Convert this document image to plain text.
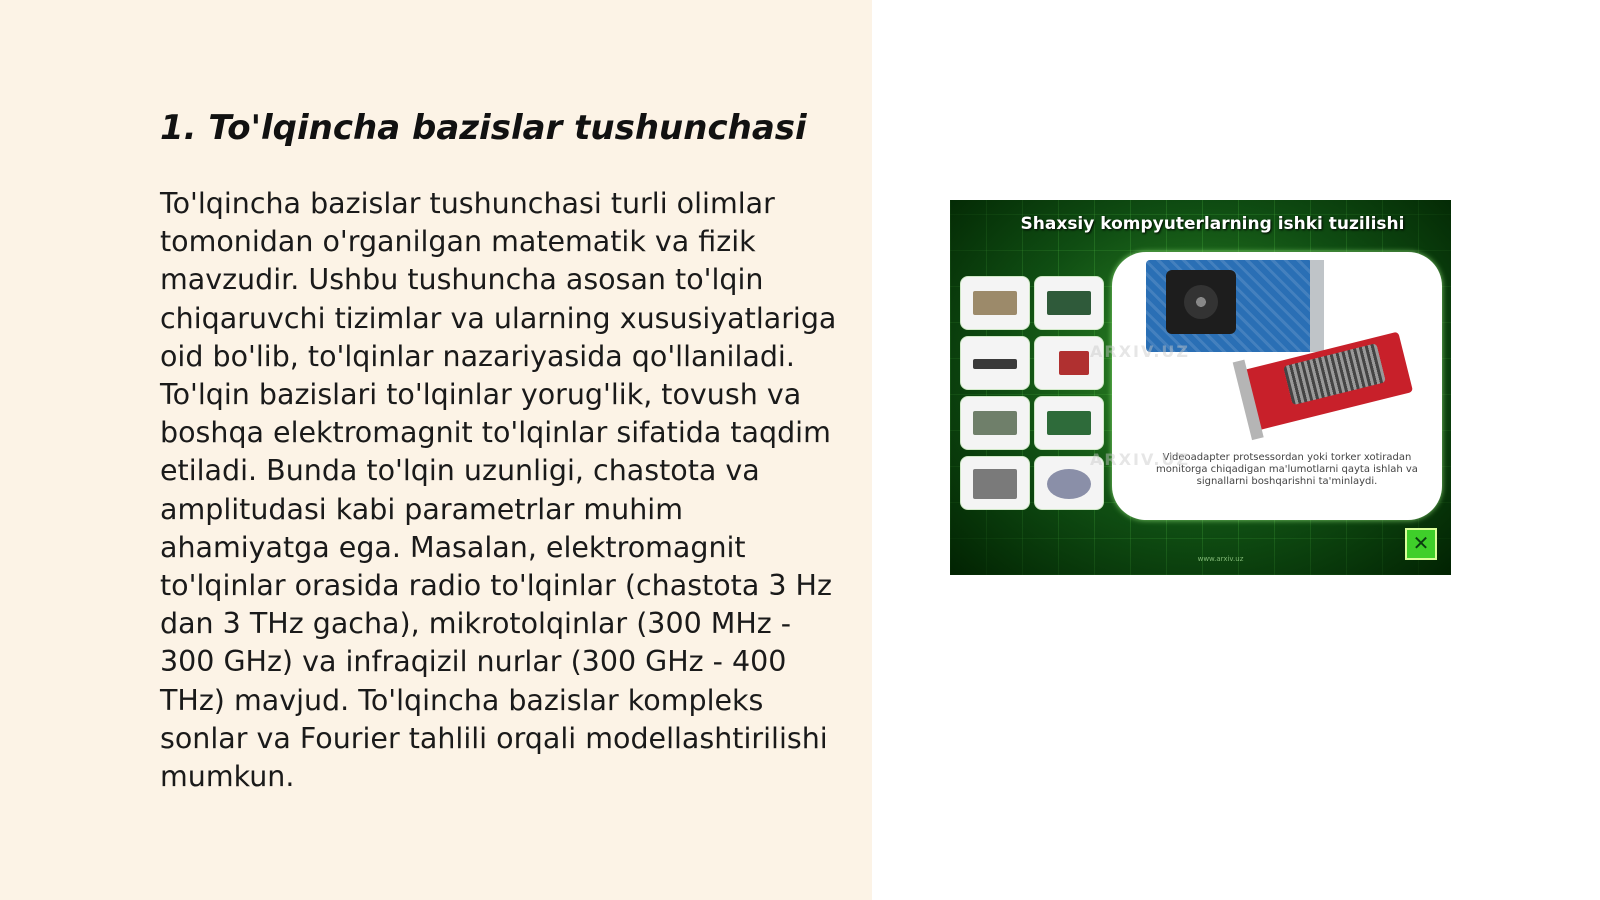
1. To'lqincha bazislar tushunchasi

To'lqincha bazislar tushunchasi turli olimlar tomonidan o'rganilgan matematik va fizik mavzudir. Ushbu tushuncha asosan to'lqin chiqaruvchi tizimlar va ularning xususiyatlariga oid bo'lib, to'lqinlar nazariyasida qo'llaniladi. To'lqin bazislari to'lqinlar yorug'lik, tovush va boshqa elektromagnit to'lqinlar sifatida taqdim etiladi. Bunda to'lqin uzunligi, chastota va amplitudasi kabi parametrlar muhim ahamiyatga ega. Masalan, elektromagnit to'lqinlar orasida radio to'lqinlar (chastota 3 Hz dan 3 THz gacha), mikrotolqinlar (300 MHz - 300 GHz) va infraqizil nurlar (300 GHz - 400 THz) mavjud. To'lqincha bazislar kompleks sonlar va Fourier tahlili orqali modellashtirilishi mumkun.

Shaxsiy kompyuterlarning ishki tuzilishi
Videoadapter protsessordan yoki torker xotiradan monitorga chiqadigan ma'lumotlarni qayta ishlah va signallarni boshqarishni ta'minlaydi.
ARXIV.UZ
ARXIV.UZ
✕
www.arxiv.uz
